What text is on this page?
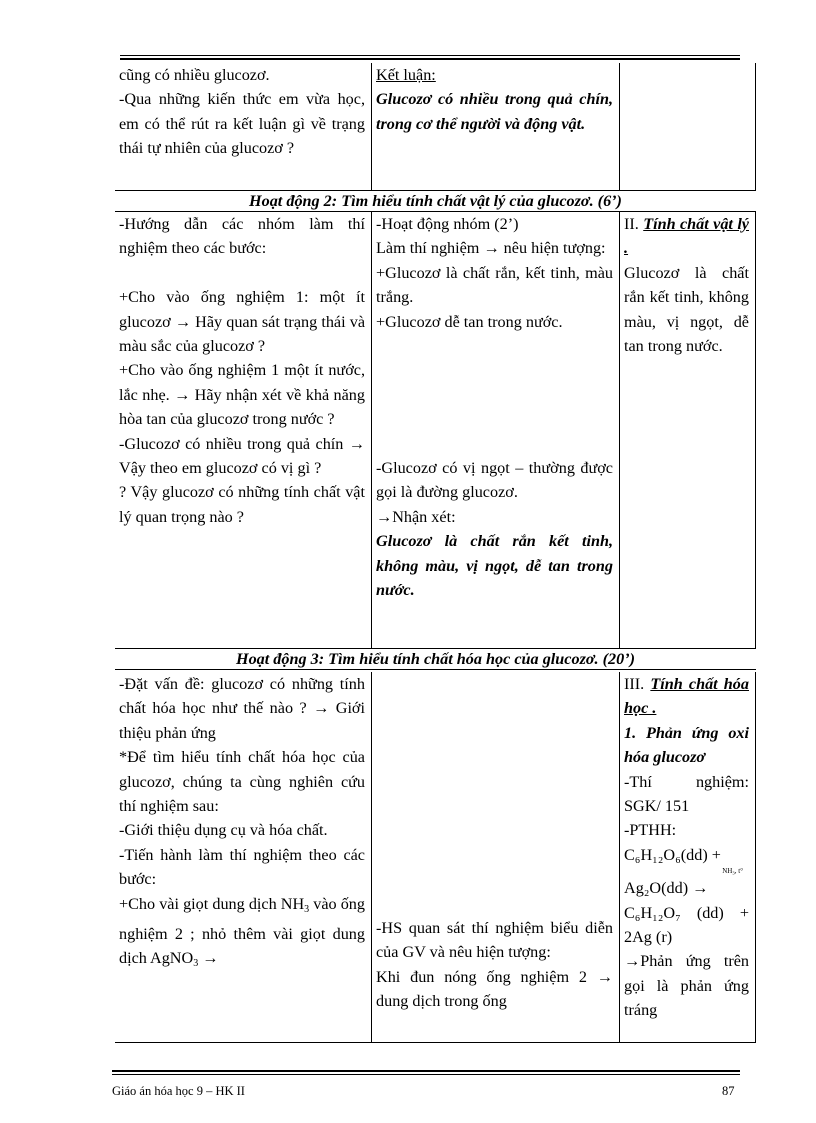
cũng có nhiều glucozơ.

-Qua những kiến thức em vừa học, em có thể rút ra kết luận gì về trạng thái tự nhiên của glucozơ ?

Kết luận:

Glucozơ có nhiều trong quả chín, trong cơ thể người và động vật.

Hoạt động 2: Tìm hiểu tính chất vật lý của glucozơ. (6’)

-Hướng dẫn các nhóm làm thí nghiệm theo các bước:

+Cho vào ống nghiệm 1: một ít glucozơ → Hãy quan sát trạng thái và màu sắc của glucozơ ?

+Cho vào ống nghiệm 1 một ít nước, lắc nhẹ. → Hãy nhận xét về khả năng hòa tan của glucozơ trong nước ?

-Glucozơ có nhiều trong quả chín → Vậy theo em glucozơ có vị gì ?

? Vậy glucozơ có những tính chất vật lý quan trọng nào ?

-Hoạt động nhóm (2’)

Làm thí nghiệm → nêu hiện tượng:

+Glucozơ là chất rắn, kết tinh, màu trắng.

+Glucozơ dễ tan trong nước.

-Glucozơ có vị ngọt – thường được gọi là đường glucozơ.

→Nhận xét:

Glucozơ là chất rắn kết tinh, không màu, vị ngọt, dễ tan trong nước.

II. Tính chất vật lý .

Glucozơ là chất rắn kết tinh, không màu, vị ngọt, dễ tan trong nước.

Hoạt động 3: Tìm hiểu tính chất hóa học của glucozơ. (20’)

-Đặt vấn đề: glucozơ có những tính chất hóa học như thế nào ? → Giới thiệu phản ứng

*Để tìm hiểu tính chất hóa học của glucozơ, chúng ta cùng nghiên cứu thí nghiệm sau:

-Giới thiệu dụng cụ và hóa chất.

-Tiến hành làm thí nghiệm theo các bước:

+Cho vài giọt dung dịch $NH_3$ vào ống nghiệm 2 ; nhỏ thêm vài giọt dung dịch AgNO$_3$ →

-HS quan sát thí nghiệm biểu diễn của GV và nêu hiện tượng:

Khi đun nóng ống nghiệm 2 → dung dịch trong ống

III. Tính chất hóa học .

1. Phản ứng oxi hóa glucozơ

-Thí nghiệm: SGK/ 151

-PTHH:

C₆H₁₂O₆(dd) +

NH₃, t°

Ag₂O(dd) →

C₆H₁₂O₇ (dd) + 2Ag (r)

→Phản ứng trên gọi là phản ứng tráng

Giáo án hóa học 9 – HK II	87
